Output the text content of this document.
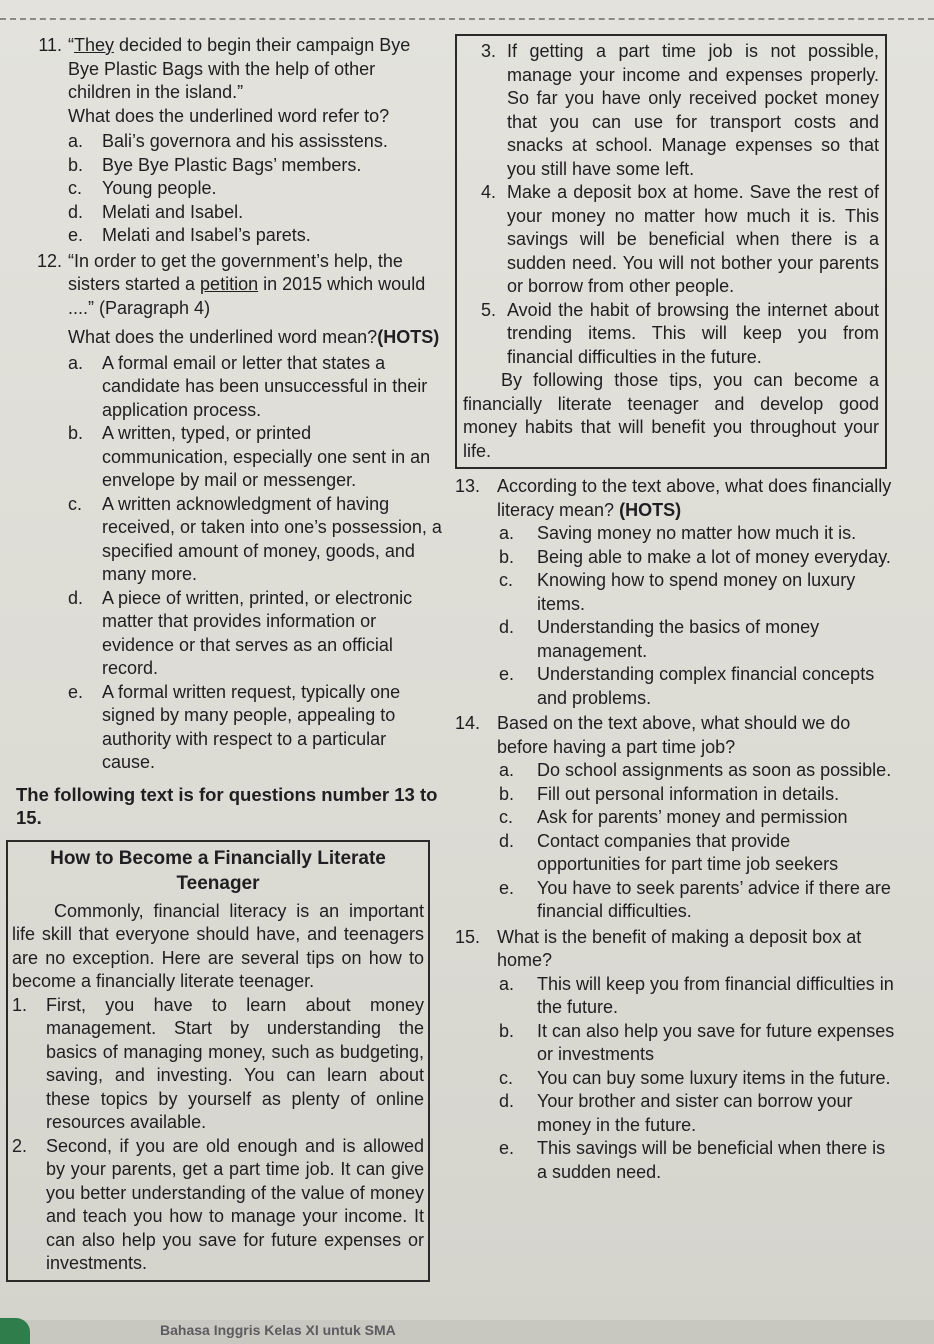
11. “They decided to begin their campaign Bye Bye Plastic Bags with the help of other children in the island.”
What does the underlined word refer to?
a. Bali’s governora and his assisstens.
b. Bye Bye Plastic Bags’ members.
c. Young people.
d. Melati and Isabel.
e. Melati and Isabel’s parets.
12. “In order to get the government’s help, the sisters started a petition in 2015 which would ....” (Paragraph 4)
What does the underlined word mean?(HOTS)
a. A formal email or letter that states a candidate has been unsuccessful in their application process.
b. A written, typed, or printed communication, especially one sent in an envelope by mail or messenger.
c. A written acknowledgment of having received, or taken into one’s possession, a specified amount of money, goods, and many more.
d. A piece of written, printed, or electronic matter that provides information or evidence or that serves as an official record.
e. A formal written request, typically one signed by many people, appealing to authority with respect to a particular cause.
The following text is for questions number 13 to 15.
How to Become a Financially Literate
Teenager
Commonly, financial literacy is an important life skill that everyone should have, and teenagers are no exception. Here are several tips on how to become a financially literate teenager.
1. First, you have to learn about money management. Start by understanding the basics of managing money, such as budgeting, saving, and investing. You can learn about these topics by yourself as plenty of online resources available.
2. Second, if you are old enough and is allowed by your parents, get a part time job. It can give you better understanding of the value of money and teach you how to manage your income. It can also help you save for future expenses or investments.
3. If getting a part time job is not possible, manage your income and expenses properly. So far you have only received pocket money that you can use for transport costs and snacks at school. Manage expenses so that you still have some left.
4. Make a deposit box at home. Save the rest of your money no matter how much it is. This savings will be beneficial when there is a sudden need. You will not bother your parents or borrow from other people.
5. Avoid the habit of browsing the internet about trending items. This will keep you from financial difficulties in the future.
By following those tips, you can become a financially literate teenager and develop good money habits that will benefit you throughout your life.
13. According to the text above, what does financially literacy mean? (HOTS)
a. Saving money no matter how much it is.
b. Being able to make a lot of money everyday.
c. Knowing how to spend money on luxury items.
d. Understanding the basics of money management.
e. Understanding complex financial concepts and problems.
14. Based on the text above, what should we do before having a part time job?
a. Do school assignments as soon as possible.
b. Fill out personal information in details.
c. Ask for parents’ money and permission
d. Contact companies that provide opportunities for part time job seekers
e. You have to seek parents’ advice if there are financial difficulties.
15. What is the benefit of making a deposit box at home?
a. This will keep you from financial difficulties in the future.
b. It can also help you save for future expenses or investments
c. You can buy some luxury items in the future.
d. Your brother and sister can borrow your money in the future.
e. This savings will be beneficial when there is a sudden need.
Bahasa Inggris Kelas XI untuk SMA
